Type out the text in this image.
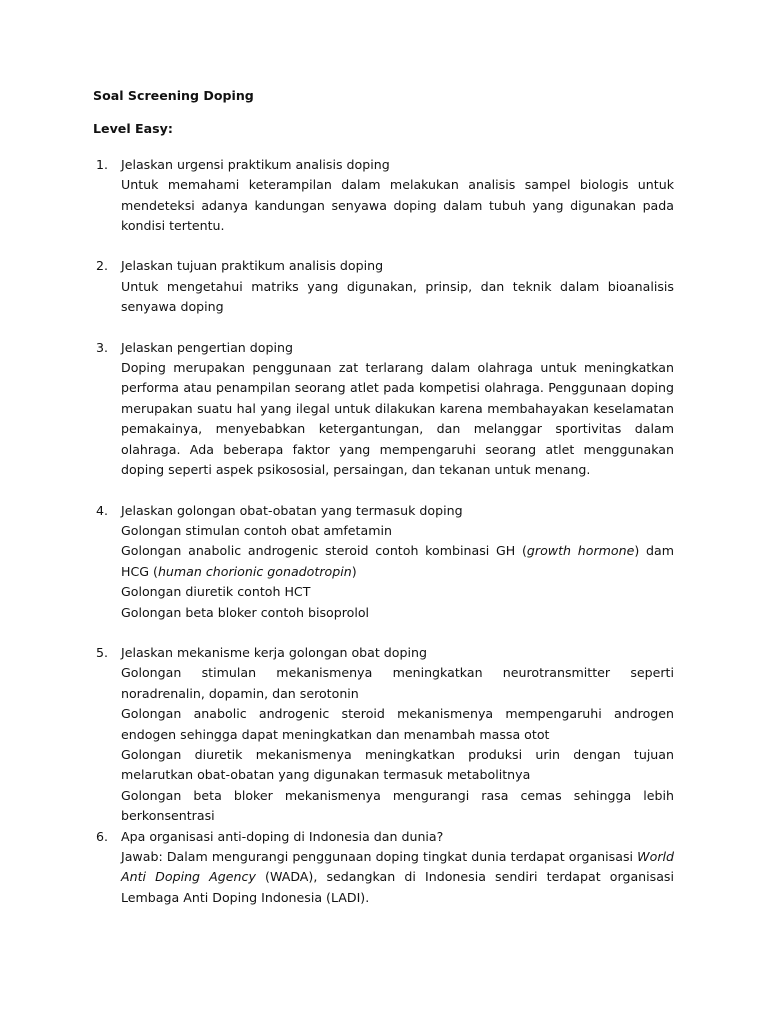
Soal Screening Doping

Level Easy:

1. Jelaskan urgensi praktikum analisis doping

Untuk memahami keterampilan dalam melakukan analisis sampel biologis untuk mendeteksi adanya kandungan senyawa doping dalam tubuh yang digunakan pada kondisi tertentu.

2. Jelaskan tujuan praktikum analisis doping

Untuk mengetahui matriks yang digunakan, prinsip, dan teknik dalam bioanalisis senyawa doping

3. Jelaskan pengertian doping

Doping merupakan penggunaan zat terlarang dalam olahraga untuk meningkatkan performa atau penampilan seorang atlet pada kompetisi olahraga. Penggunaan doping merupakan suatu hal yang ilegal untuk dilakukan karena membahayakan keselamatan pemakainya, menyebabkan ketergantungan, dan melanggar sportivitas dalam olahraga. Ada beberapa faktor yang mempengaruhi seorang atlet menggunakan doping seperti aspek psikososial, persaingan, dan tekanan untuk menang.

4. Jelaskan golongan obat-obatan yang termasuk doping

Golongan stimulan contoh obat amfetamin

Golongan anabolic androgenic steroid contoh kombinasi GH (growth hormone) dam HCG (human chorionic gonadotropin)

Golongan diuretik contoh HCT

Golongan beta bloker contoh bisoprolol

5. Jelaskan mekanisme kerja golongan obat doping

Golongan stimulan mekanismenya meningkatkan neurotransmitter seperti noradrenalin, dopamin, dan serotonin

Golongan anabolic androgenic steroid mekanismenya mempengaruhi androgen endogen sehingga dapat meningkatkan dan menambah massa otot

Golongan diuretik mekanismenya meningkatkan produksi urin dengan tujuan melarutkan obat-obatan yang digunakan termasuk metabolitnya

Golongan beta bloker mekanismenya mengurangi rasa cemas sehingga lebih berkonsentrasi

6. Apa organisasi anti-doping di Indonesia dan dunia?

Jawab: Dalam mengurangi penggunaan doping tingkat dunia terdapat organisasi World Anti Doping Agency (WADA), sedangkan di Indonesia sendiri terdapat organisasi Lembaga Anti Doping Indonesia (LADI).
